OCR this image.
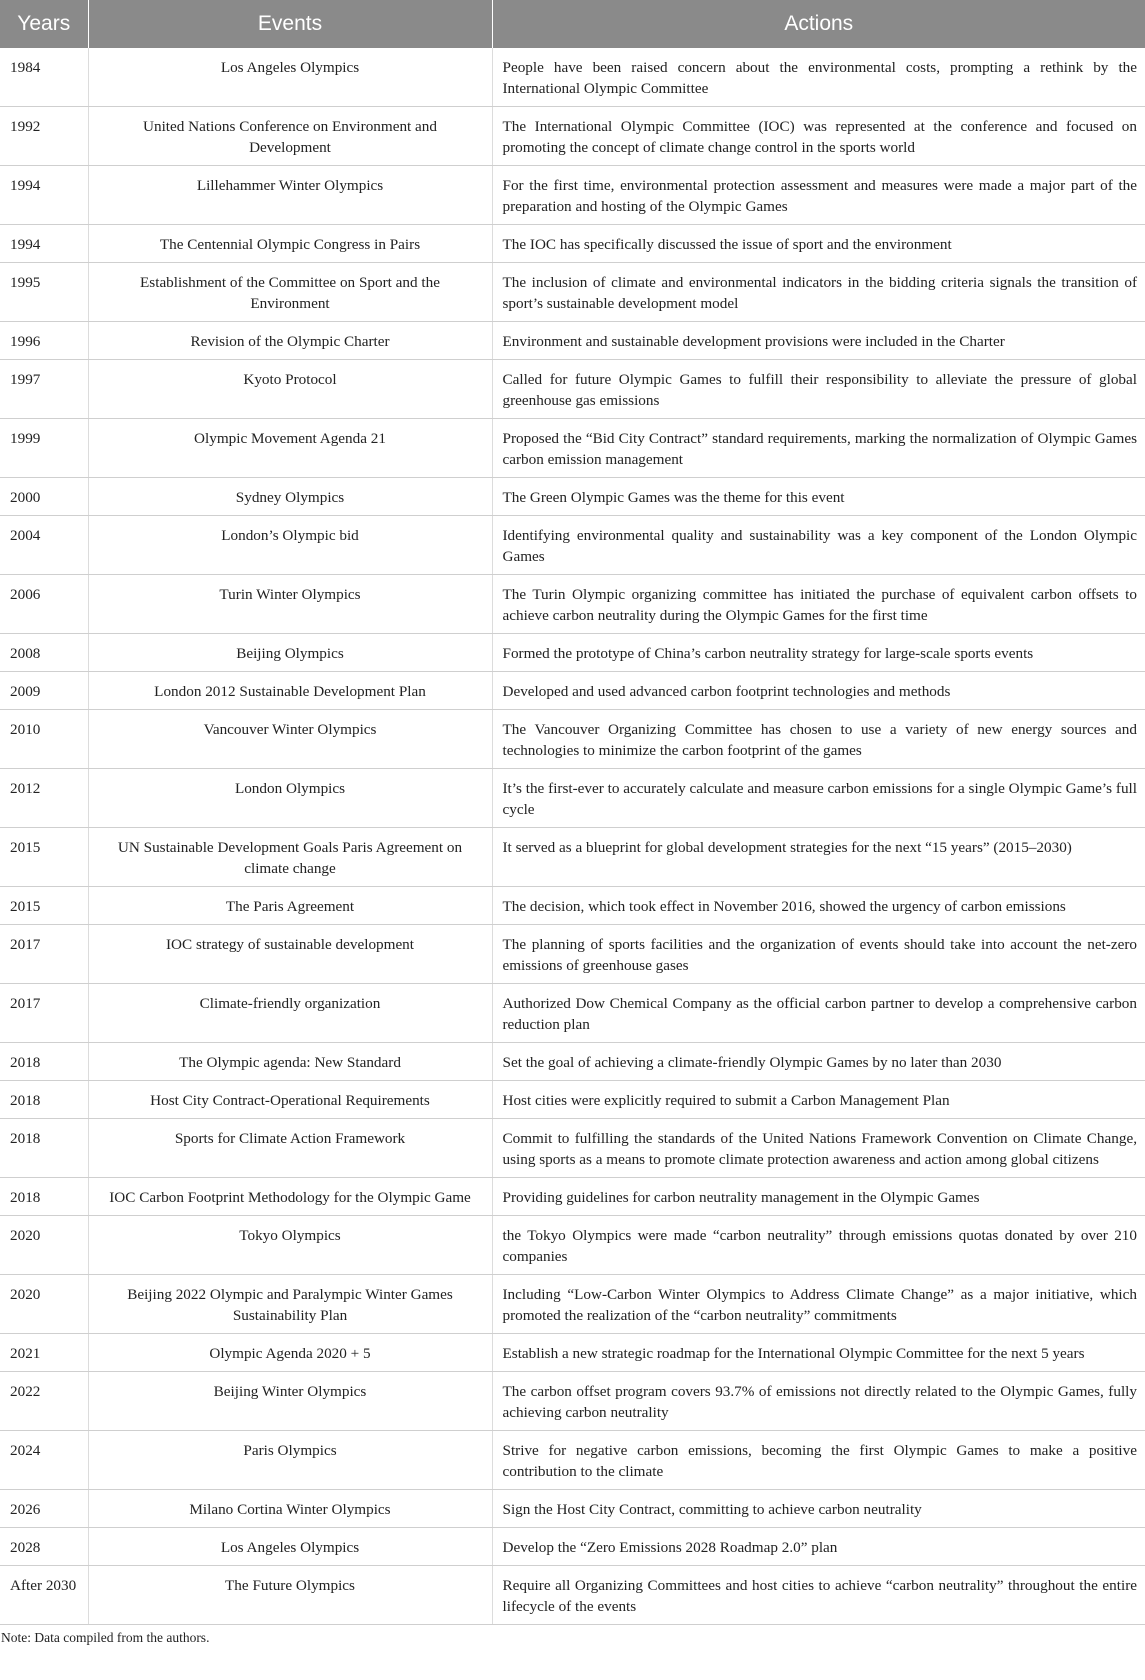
Years	Events	Actions
1984	Los Angeles Olympics	People have been raised concern about the environmental costs, prompting a rethink by the International Olympic Committee
1992	United Nations Conference on Environment and Development	The International Olympic Committee (IOC) was represented at the conference and focused on promoting the concept of climate change control in the sports world
1994	Lillehammer Winter Olympics	For the first time, environmental protection assessment and measures were made a major part of the preparation and hosting of the Olympic Games
1994	The Centennial Olympic Congress in Pairs	The IOC has specifically discussed the issue of sport and the environment
1995	Establishment of the Committee on Sport and the Environment	The inclusion of climate and environmental indicators in the bidding criteria signals the transition of sport’s sustainable development model
1996	Revision of the Olympic Charter	Environment and sustainable development provisions were included in the Charter
1997	Kyoto Protocol	Called for future Olympic Games to fulfill their responsibility to alleviate the pressure of global greenhouse gas emissions
1999	Olympic Movement Agenda 21	Proposed the “Bid City Contract” standard requirements, marking the normalization of Olympic Games carbon emission management
2000	Sydney Olympics	The Green Olympic Games was the theme for this event
2004	London’s Olympic bid	Identifying environmental quality and sustainability was a key component of the London Olympic Games
2006	Turin Winter Olympics	The Turin Olympic organizing committee has initiated the purchase of equivalent carbon offsets to achieve carbon neutrality during the Olympic Games for the first time
2008	Beijing Olympics	Formed the prototype of China’s carbon neutrality strategy for large-scale sports events
2009	London 2012 Sustainable Development Plan	Developed and used advanced carbon footprint technologies and methods
2010	Vancouver Winter Olympics	The Vancouver Organizing Committee has chosen to use a variety of new energy sources and technologies to minimize the carbon footprint of the games
2012	London Olympics	It’s the first-ever to accurately calculate and measure carbon emissions for a single Olympic Game’s full cycle
2015	UN Sustainable Development Goals Paris Agreement on climate change	It served as a blueprint for global development strategies for the next “15 years” (2015–2030)
2015	The Paris Agreement	The decision, which took effect in November 2016, showed the urgency of carbon emissions
2017	IOC strategy of sustainable development	The planning of sports facilities and the organization of events should take into account the net-zero emissions of greenhouse gases
2017	Climate-friendly organization	Authorized Dow Chemical Company as the official carbon partner to develop a comprehensive carbon reduction plan
2018	The Olympic agenda: New Standard	Set the goal of achieving a climate-friendly Olympic Games by no later than 2030
2018	Host City Contract-Operational Requirements	Host cities were explicitly required to submit a Carbon Management Plan
2018	Sports for Climate Action Framework	Commit to fulfilling the standards of the United Nations Framework Convention on Climate Change, using sports as a means to promote climate protection awareness and action among global citizens
2018	IOC Carbon Footprint Methodology for the Olympic Game	Providing guidelines for carbon neutrality management in the Olympic Games
2020	Tokyo Olympics	the Tokyo Olympics were made “carbon neutrality” through emissions quotas donated by over 210 companies
2020	Beijing 2022 Olympic and Paralympic Winter Games Sustainability Plan	Including “Low-Carbon Winter Olympics to Address Climate Change” as a major initiative, which promoted the realization of the “carbon neutrality” commitments
2021	Olympic Agenda 2020 + 5	Establish a new strategic roadmap for the International Olympic Committee for the next 5 years
2022	Beijing Winter Olympics	The carbon offset program covers 93.7% of emissions not directly related to the Olympic Games, fully achieving carbon neutrality
2024	Paris Olympics	Strive for negative carbon emissions, becoming the first Olympic Games to make a positive contribution to the climate
2026	Milano Cortina Winter Olympics	Sign the Host City Contract, committing to achieve carbon neutrality
2028	Los Angeles Olympics	Develop the “Zero Emissions 2028 Roadmap 2.0” plan
After 2030	The Future Olympics	Require all Organizing Committees and host cities to achieve “carbon neutrality” throughout the entire lifecycle of the events
Note: Data compiled from the authors.
